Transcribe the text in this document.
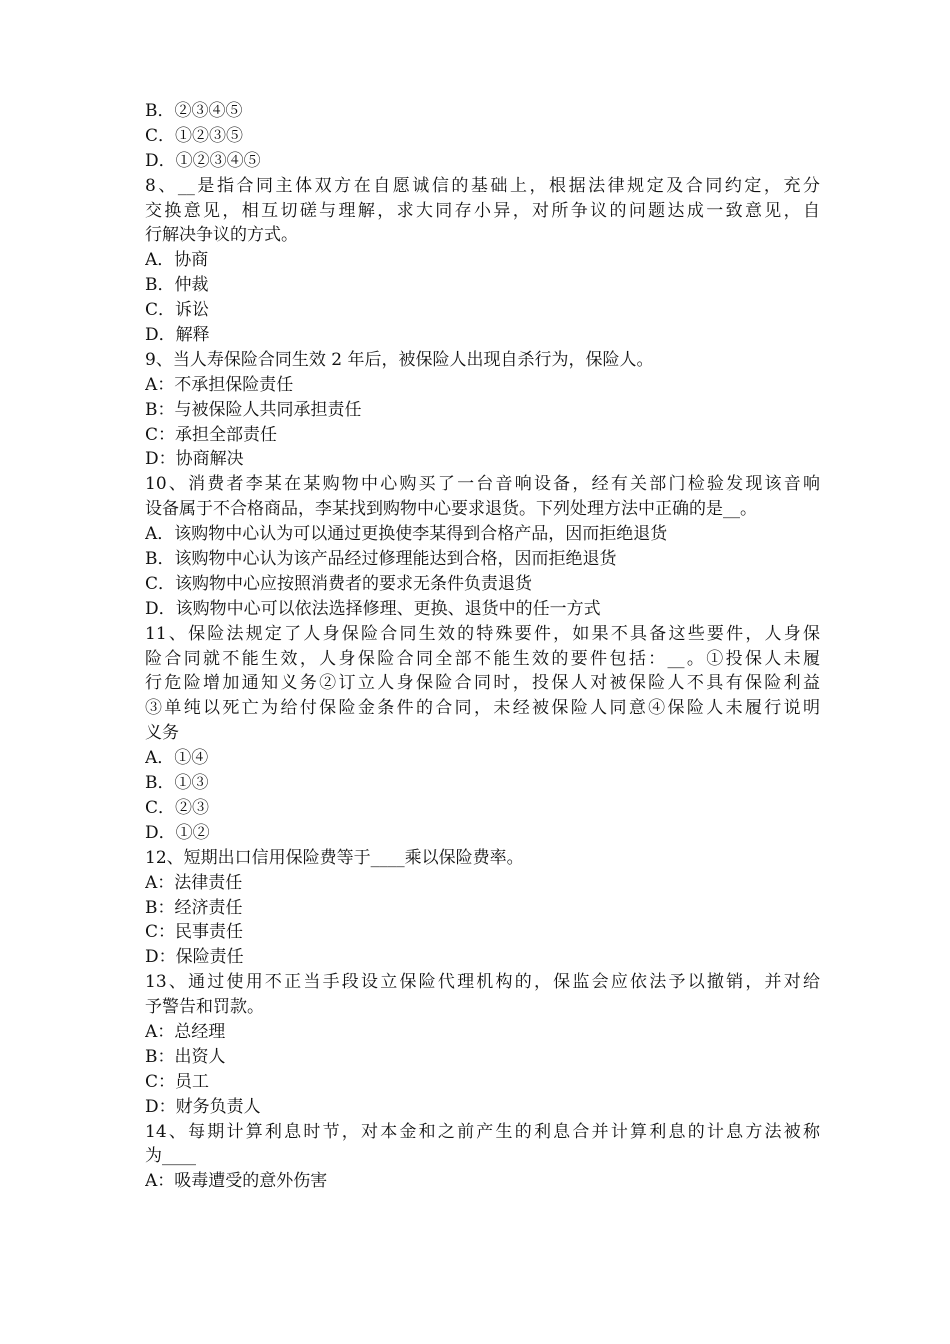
B．②③④⑤
C．①②③⑤
D．①②③④⑤
8、__是指合同主体双方在自愿诚信的基础上，根据法律规定及合同约定，充分
交换意见，相互切磋与理解，求大同存小异，对所争议的问题达成一致意见，自
行解决争议的方式。
A．协商
B．仲裁
C．诉讼
D．解释
9、当人寿保险合同生效 2 年后，被保险人出现自杀行为，保险人。
A：不承担保险责任
B：与被保险人共同承担责任
C：承担全部责任
D：协商解决
10、消费者李某在某购物中心购买了一台音响设备，经有关部门检验发现该音响
设备属于不合格商品，李某找到购物中心要求退货。下列处理方法中正确的是__。
A．该购物中心认为可以通过更换使李某得到合格产品，因而拒绝退货
B．该购物中心认为该产品经过修理能达到合格，因而拒绝退货
C．该购物中心应按照消费者的要求无条件负责退货
D．该购物中心可以依法选择修理、更换、退货中的任一方式
11、保险法规定了人身保险合同生效的特殊要件，如果不具备这些要件，人身保
险合同就不能生效，人身保险合同全部不能生效的要件包括：__。①投保人未履
行危险增加通知义务②订立人身保险合同时，投保人对被保险人不具有保险利益
③单纯以死亡为给付保险金条件的合同，未经被保险人同意④保险人未履行说明
义务
A．①④
B．①③
C．②③
D．①②
12、短期出口信用保险费等于____乘以保险费率。
A：法律责任
B：经济责任
C：民事责任
D：保险责任
13、通过使用不正当手段设立保险代理机构的，保监会应依法予以撤销，并对给
予警告和罚款。
A：总经理
B：出资人
C：员工
D：财务负责人
14、每期计算利息时节，对本金和之前产生的利息合并计算利息的计息方法被称
为____
A：吸毒遭受的意外伤害
